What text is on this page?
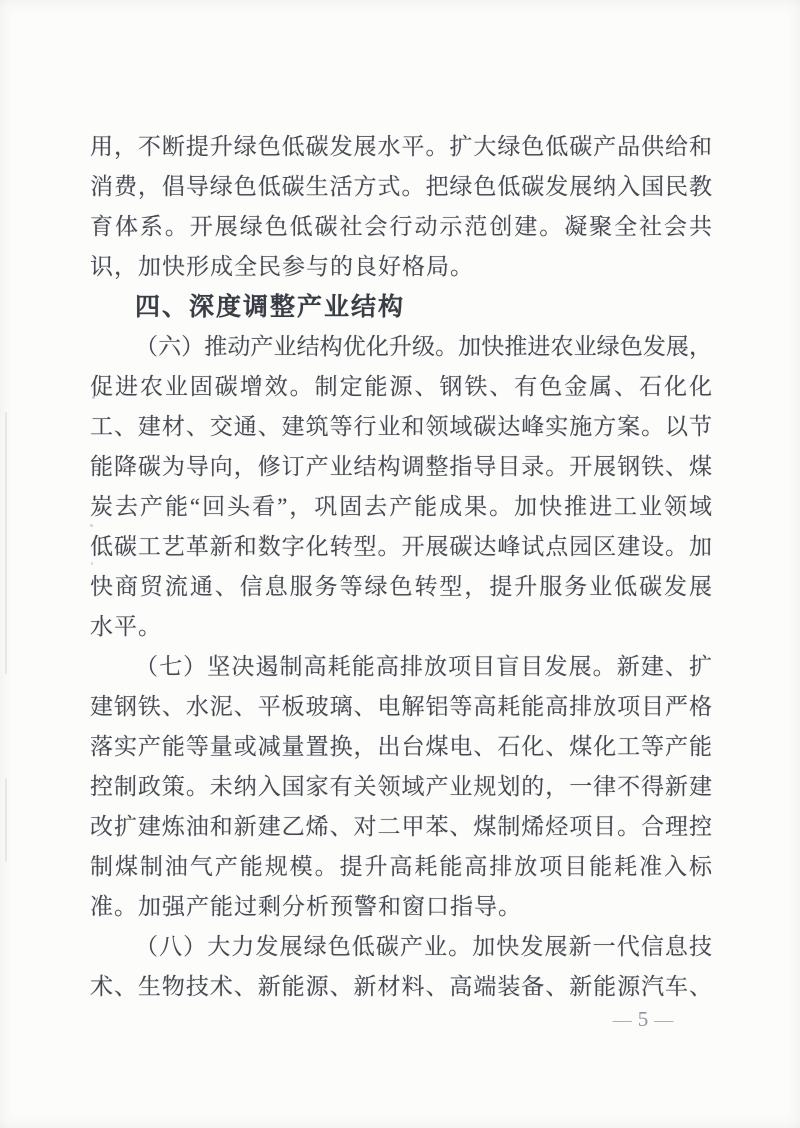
用，不断提升绿色低碳发展水平。扩大绿色低碳产品供给和
消费，倡导绿色低碳生活方式。把绿色低碳发展纳入国民教
育体系。开展绿色低碳社会行动示范创建。凝聚全社会共
识，加快形成全民参与的良好格局。
四、深度调整产业结构
（六）推动产业结构优化升级。加快推进农业绿色发展，
促进农业固碳增效。制定能源、钢铁、有色金属、石化化
工、建材、交通、建筑等行业和领域碳达峰实施方案。以节
能降碳为导向，修订产业结构调整指导目录。开展钢铁、煤
炭去产能“回头看”，巩固去产能成果。加快推进工业领域
低碳工艺革新和数字化转型。开展碳达峰试点园区建设。加
快商贸流通、信息服务等绿色转型，提升服务业低碳发展
水平。
（七）坚决遏制高耗能高排放项目盲目发展。新建、扩
建钢铁、水泥、平板玻璃、电解铝等高耗能高排放项目严格
落实产能等量或减量置换，出台煤电、石化、煤化工等产能
控制政策。未纳入国家有关领域产业规划的，一律不得新建
改扩建炼油和新建乙烯、对二甲苯、煤制烯烃项目。合理控
制煤制油气产能规模。提升高耗能高排放项目能耗准入标
准。加强产能过剩分析预警和窗口指导。
（八）大力发展绿色低碳产业。加快发展新一代信息技
术、生物技术、新能源、新材料、高端装备、新能源汽车、
— 5 —
